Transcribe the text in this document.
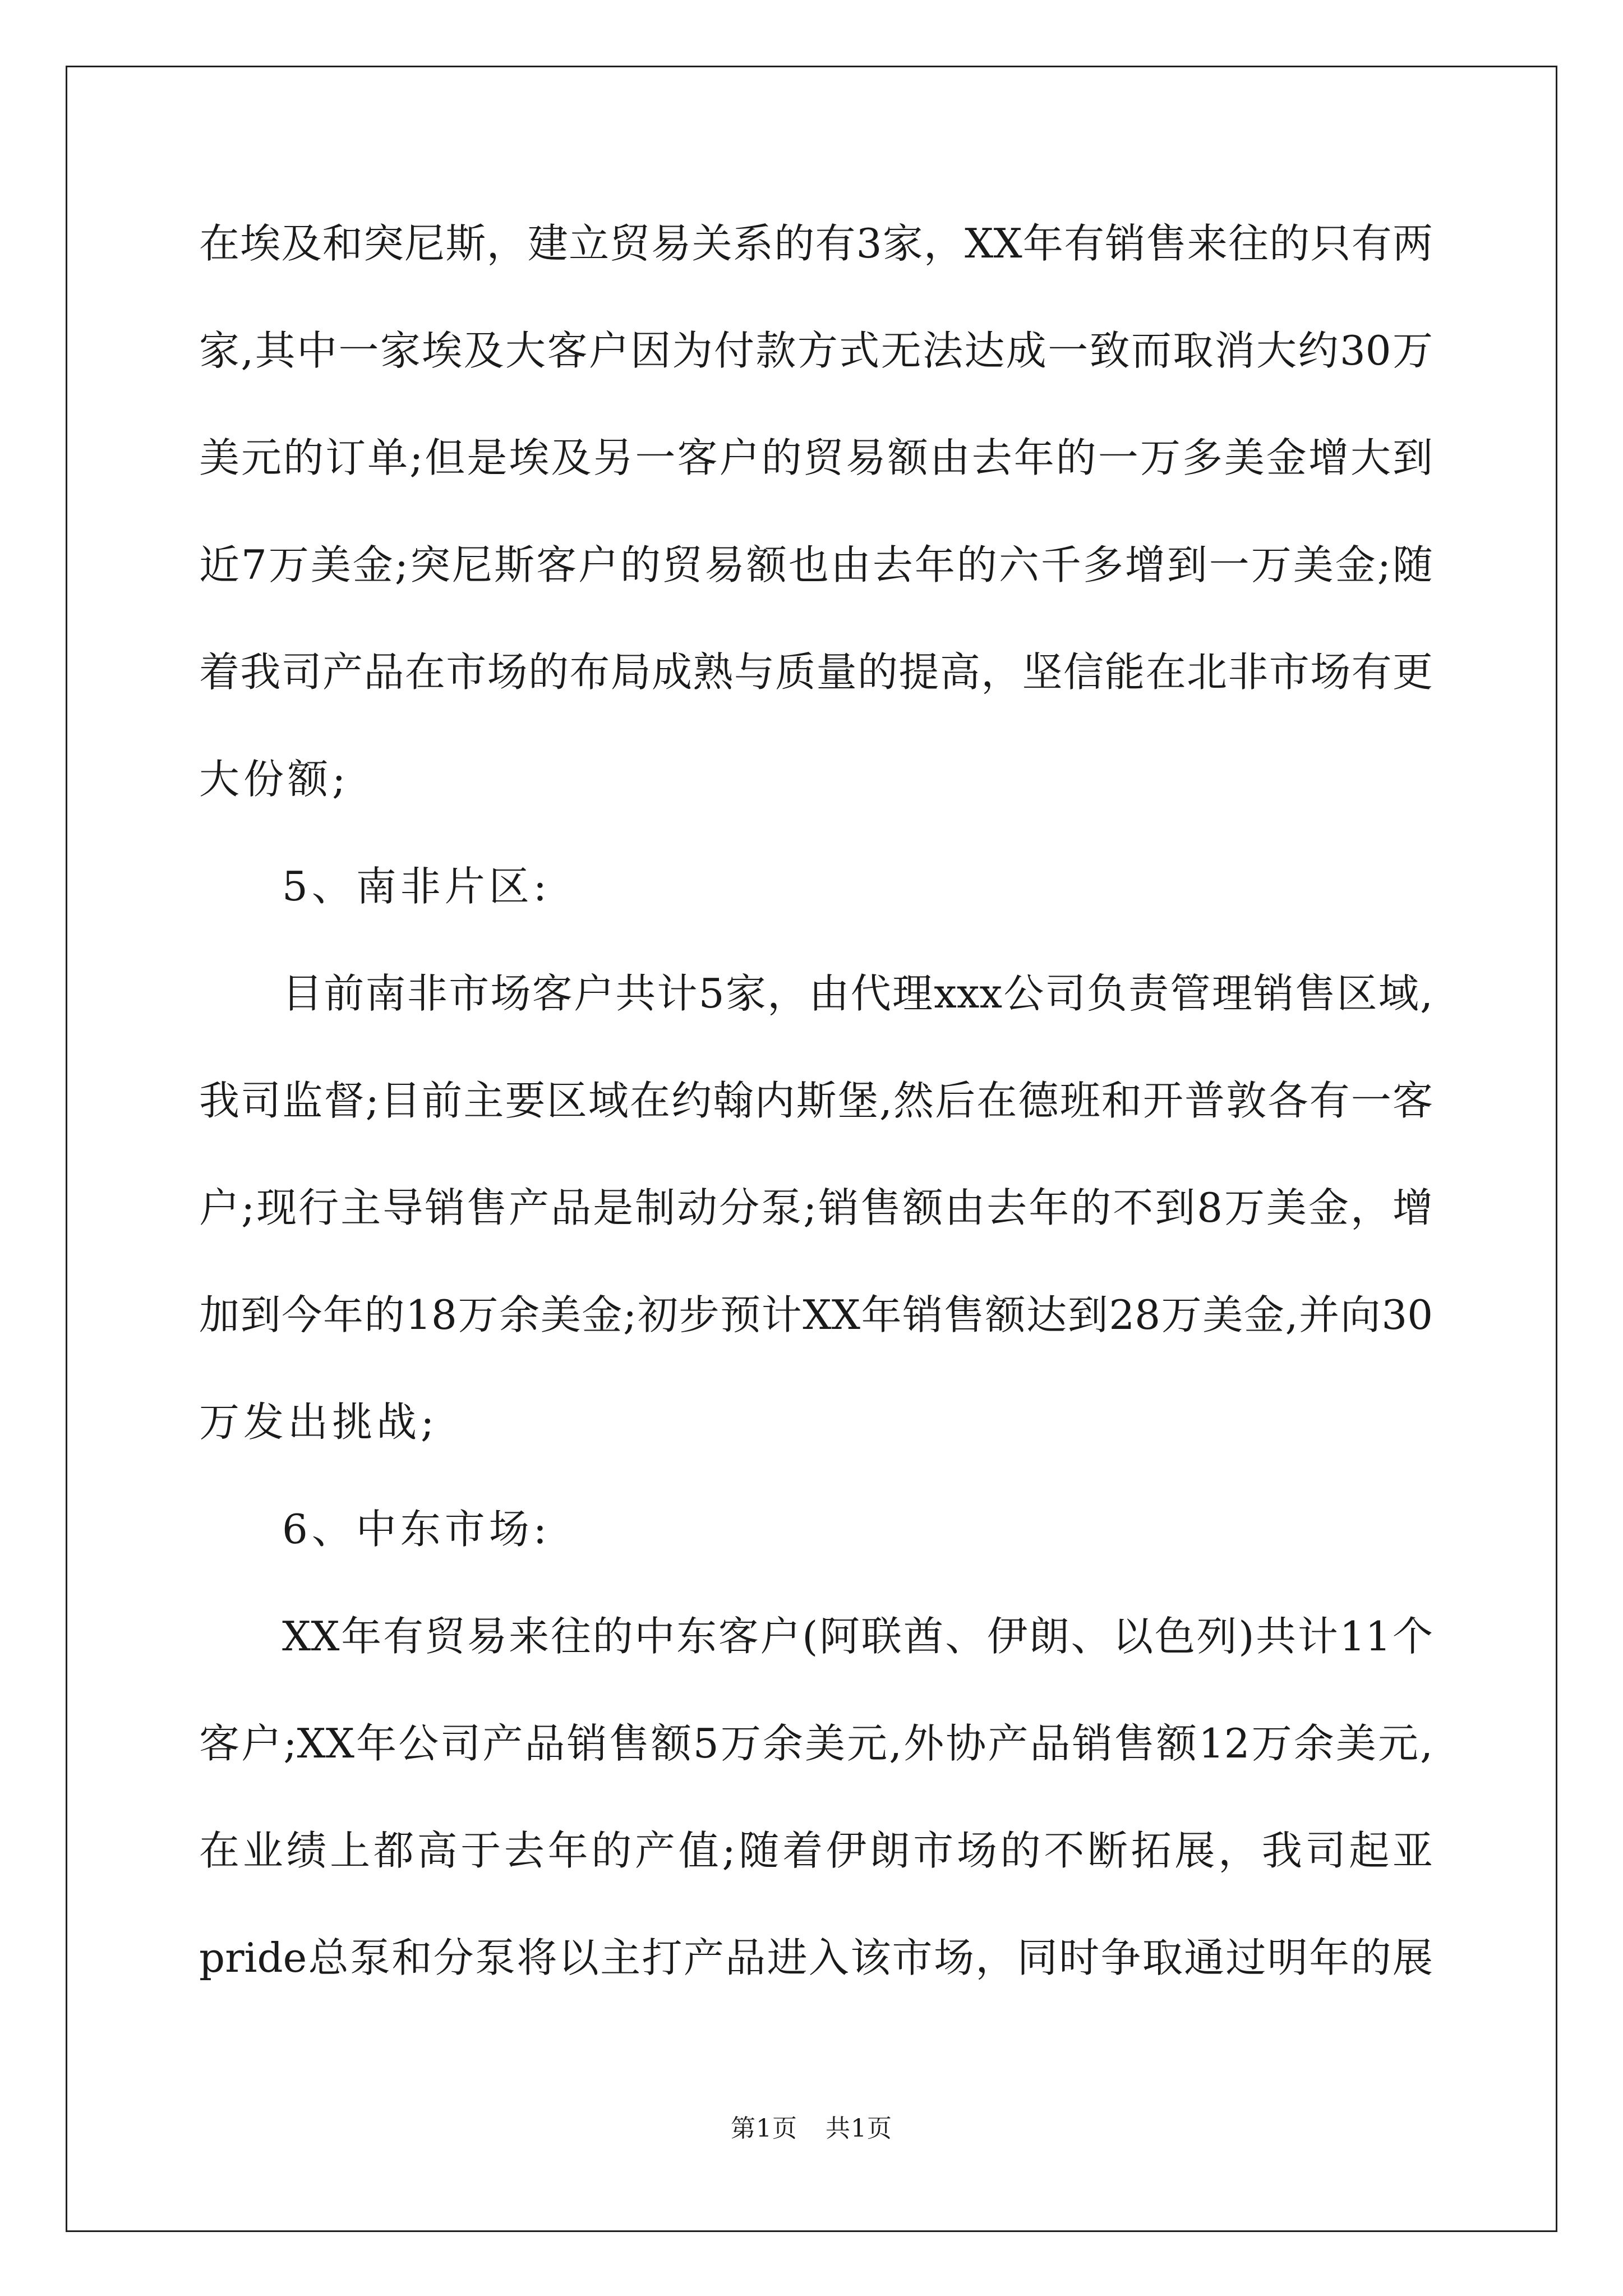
在埃及和突尼斯，建立贸易关系的有3家，XX年有销售来往的只有两
家,其中一家埃及大客户因为付款方式无法达成一致而取消大约30万
美元的订单;但是埃及另一客户的贸易额由去年的一万多美金增大到
近7万美金;突尼斯客户的贸易额也由去年的六千多增到一万美金;随
着我司产品在市场的布局成熟与质量的提高，坚信能在北非市场有更
大份额;
5、南非片区:
目前南非市场客户共计5家，由代理xxx公司负责管理销售区域,
我司监督;目前主要区域在约翰内斯堡,然后在德班和开普敦各有一客
户;现行主导销售产品是制动分泵;销售额由去年的不到8万美金，增
加到今年的18万余美金;初步预计XX年销售额达到28万美金,并向30
万发出挑战;
6、中东市场:
XX年有贸易来往的中东客户(阿联酋、伊朗、以色列)共计11个
客户;XX年公司产品销售额5万余美元,外协产品销售额12万余美元,
在业绩上都高于去年的产值;随着伊朗市场的不断拓展，我司起亚
pride总泵和分泵将以主打产品进入该市场，同时争取通过明年的展
第1页 共1页
